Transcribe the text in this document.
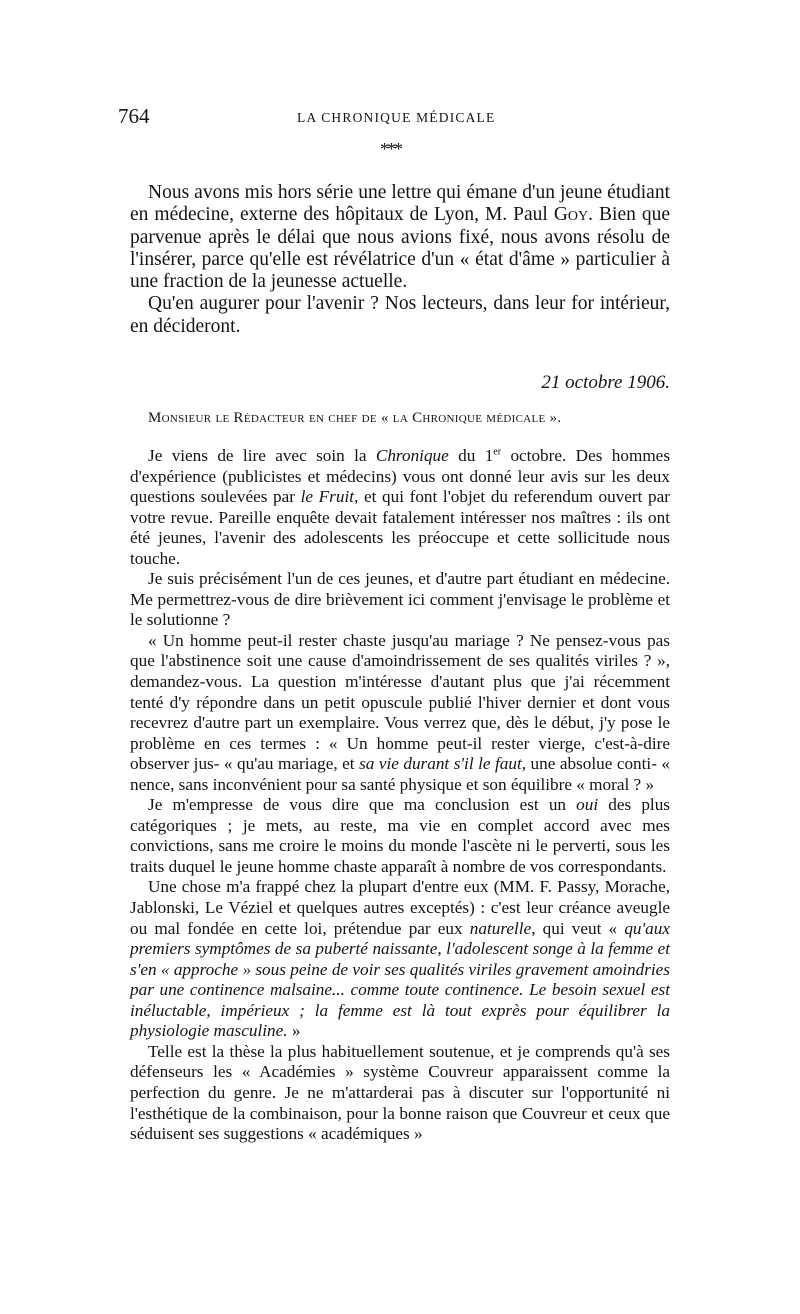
764	LA CHRONIQUE MÉDICALE
***

Nous avons mis hors série une lettre qui émane d'un jeune étudiant en médecine, externe des hôpitaux de Lyon, M. Paul Goy. Bien que parvenue après le délai que nous avions fixé, nous avons résolu de l'insérer, parce qu'elle est révélatrice d'un « état d'âme » particulier à une fraction de la jeunesse actuelle.

Qu'en augurer pour l'avenir ? Nos lecteurs, dans leur for intérieur, en décideront.

21 octobre 1906.
Monsieur le Rédacteur en chef de « la Chronique médicale ».

Je viens de lire avec soin la Chronique du 1er octobre. Des hommes d'expérience (publicistes et médecins) vous ont donné leur avis sur les deux questions soulevées par le Fruit, et qui font l'objet du referendum ouvert par votre revue. Pareille enquête devait fatalement intéresser nos maîtres : ils ont été jeunes, l'avenir des adolescents les préoccupe et cette sollicitude nous touche.

Je suis précisément l'un de ces jeunes, et d'autre part étudiant en médecine. Me permettrez-vous de dire brièvement ici comment j'envisage le problème et le solutionne ?

« Un homme peut-il rester chaste jusqu'au mariage ? Ne pensez-vous pas que l'abstinence soit une cause d'amoindrissement de ses qualités viriles ? », demandez-vous. La question m'intéresse d'autant plus que j'ai récemment tenté d'y répondre dans un petit opuscule publié l'hiver dernier et dont vous recevrez d'autre part un exemplaire. Vous verrez que, dès le début, j'y pose le problème en ces termes : « Un homme peut-il rester vierge, c'est-à-dire observer jus- « qu'au mariage, et sa vie durant s'il le faut, une absolue conti- « nence, sans inconvénient pour sa santé physique et son équilibre « moral ? »

Je m'empresse de vous dire que ma conclusion est un oui des plus catégoriques ; je mets, au reste, ma vie en complet accord avec mes convictions, sans me croire le moins du monde l'ascète ni le perverti, sous les traits duquel le jeune homme chaste apparaît à nombre de vos correspondants.

Une chose m'a frappé chez la plupart d'entre eux (MM. F. Passy, Morache, Jablonski, Le Véziel et quelques autres exceptés) : c'est leur créance aveugle ou mal fondée en cette loi, prétendue par eux naturelle, qui veut « qu'aux premiers symptômes de sa puberté naissante, l'adolescent songe à la femme et s'en « approche » sous peine de voir ses qualités viriles gravement amoindries par une continence malsaine... comme toute continence. Le besoin sexuel est inéluctable, impérieux ; la femme est là tout exprès pour équilibrer la physiologie masculine. »

Telle est la thèse la plus habituellement soutenue, et je comprends qu'à ses défenseurs les « Académies » système Couvreur apparaissent comme la perfection du genre. Je ne m'attarderai pas à discuter sur l'opportunité ni l'esthétique de la combinaison, pour la bonne raison que Couvreur et ceux que séduisent ses suggestions « académiques »
